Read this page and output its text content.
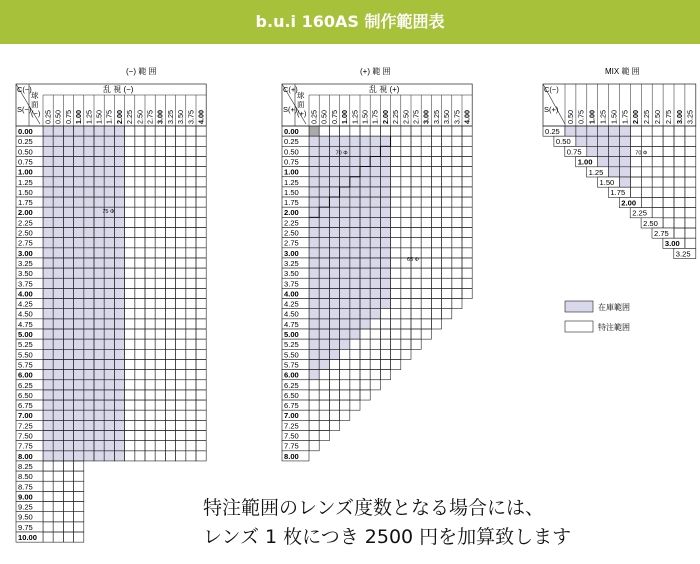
b.u.i 160AS 制作範囲表
(−) 範 囲
0.00
0.25
0.50
0.75
1.00
1.25
1.50
1.75
2.00
2.25
2.50
2.75
3.00
3.25
3.50
3.75
4.00
4.25
4.50
4.75
5.00
5.25
5.50
5.75
6.00
6.25
6.50
6.75
7.00
7.25
7.50
7.75
8.00
8.25
8.50
8.75
9.00
9.25
9.50
9.75
10.00
C(−)
S(−)
球
面
(−)
乱 視 (−)
0.25 0.50 0.75 1.00 1.25 1.50 1.75 2.00 2.25 2.50 2.75 3.00 3.25 3.50 3.75 4.00
75 Φ
(+) 範 囲
0.00
0.25
0.50
0.75
1.00
1.25
1.50
1.75
2.00
2.25
2.50
2.75
3.00
3.25
3.50
3.75
4.00
4.25
4.50
4.75
5.00
5.25
5.50
5.75
6.00
6.25
6.50
6.75
7.00
7.25
7.50
7.75
8.00
C(+)
S(+)
球
面
(+)
乱 視 (+)
0.25 0.50 0.75 1.00 1.25 1.50 1.75 2.00 2.25 2.50 2.75 3.00 3.25 3.50 3.75 4.00
70 Φ
65 Φ
MIX 範 囲
0.25
0.50
0.75
1.00
1.25
1.50
1.75
2.00
2.25
2.50
2.75
3.00
3.25
C(−)
S(+)
0.50 0.75 1.00 1.25 1.50 1.75 2.00 2.25 2.50 2.75 3.00 3.25
70 Φ
在庫範囲
特注範囲
特注範囲のレンズ度数となる場合には、
レンズ 1 枚につき 2500 円を加算致します
